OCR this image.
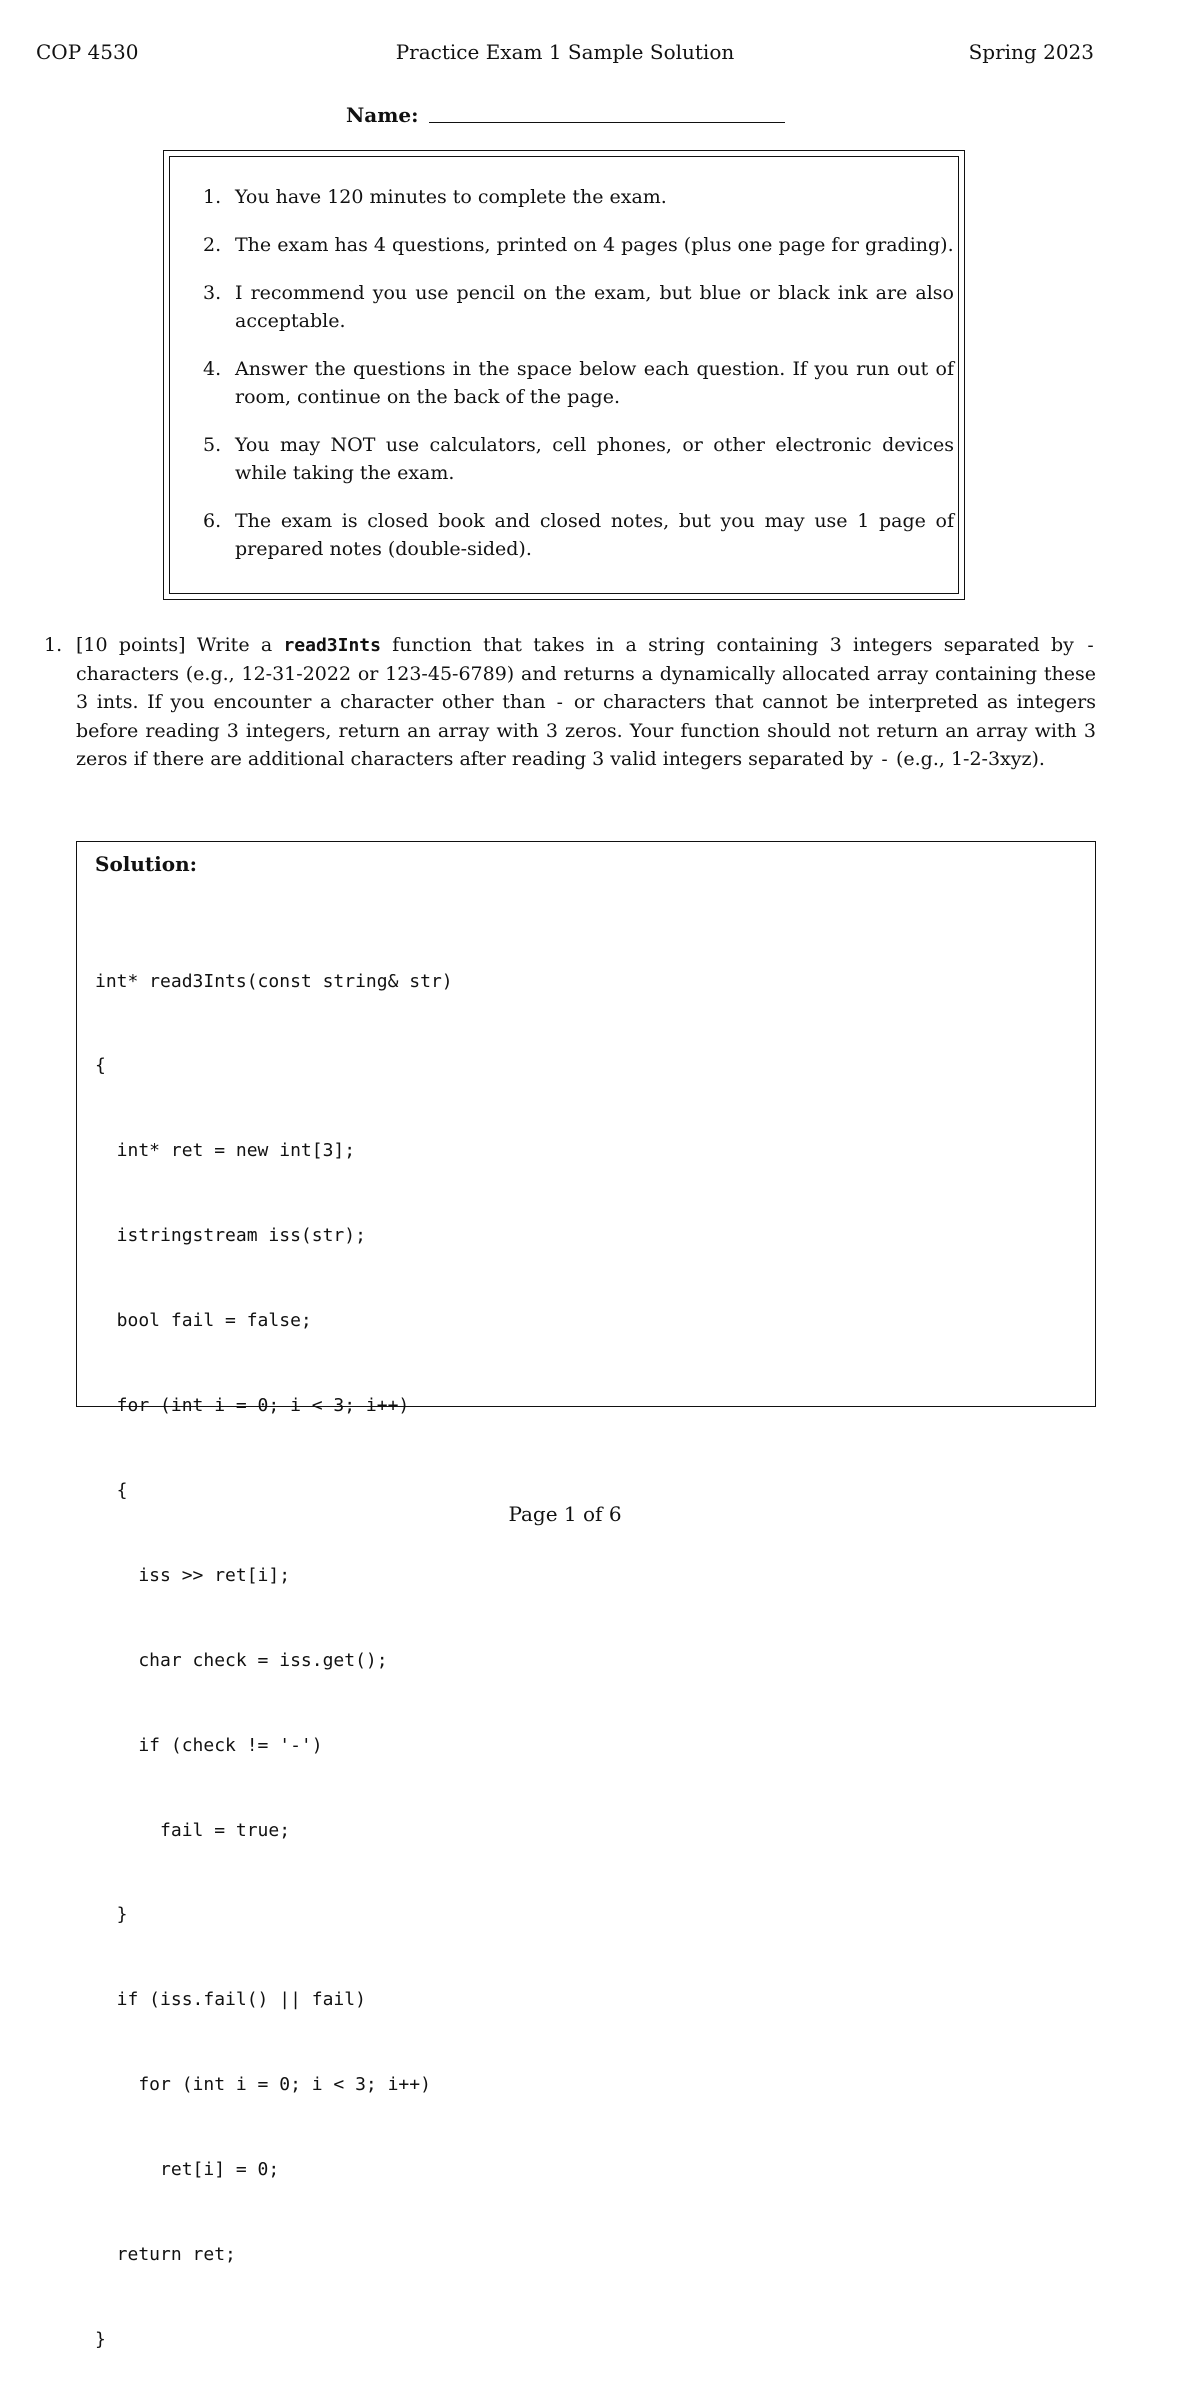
COP 4530	Practice Exam 1 Sample Solution	Spring 2023
Name:
1. You have 120 minutes to complete the exam.
2. The exam has 4 questions, printed on 4 pages (plus one page for grading).
3. I recommend you use pencil on the exam, but blue or black ink are also acceptable.
4. Answer the questions in the space below each question. If you run out of room, continue on the back of the page.
5. You may NOT use calculators, cell phones, or other electronic devices while taking the exam.
6. The exam is closed book and closed notes, but you may use 1 page of prepared notes (double-sided).
1. [10 points] Write a read3Ints function that takes in a string containing 3 integers separated by - characters (e.g., 12-31-2022 or 123-45-6789) and returns a dynamically allocated array containing these 3 ints. If you encounter a character other than - or characters that cannot be interpreted as integers before reading 3 integers, return an array with 3 zeros. Your function should not return an array with 3 zeros if there are additional characters after reading 3 valid integers separated by - (e.g., 1-2-3xyz).
Solution:

int* read3Ints(const string& str)

{

int* ret = new int[3];

istringstream iss(str);

bool fail = false;

for (int i = 0; i < 3; i++)

{

iss >> ret[i];

char check = iss.get();

if (check != '-')

fail = true;

}

if (iss.fail() || fail)

for (int i = 0; i < 3; i++)

ret[i] = 0;

return ret;

}

Page 1 of 6
